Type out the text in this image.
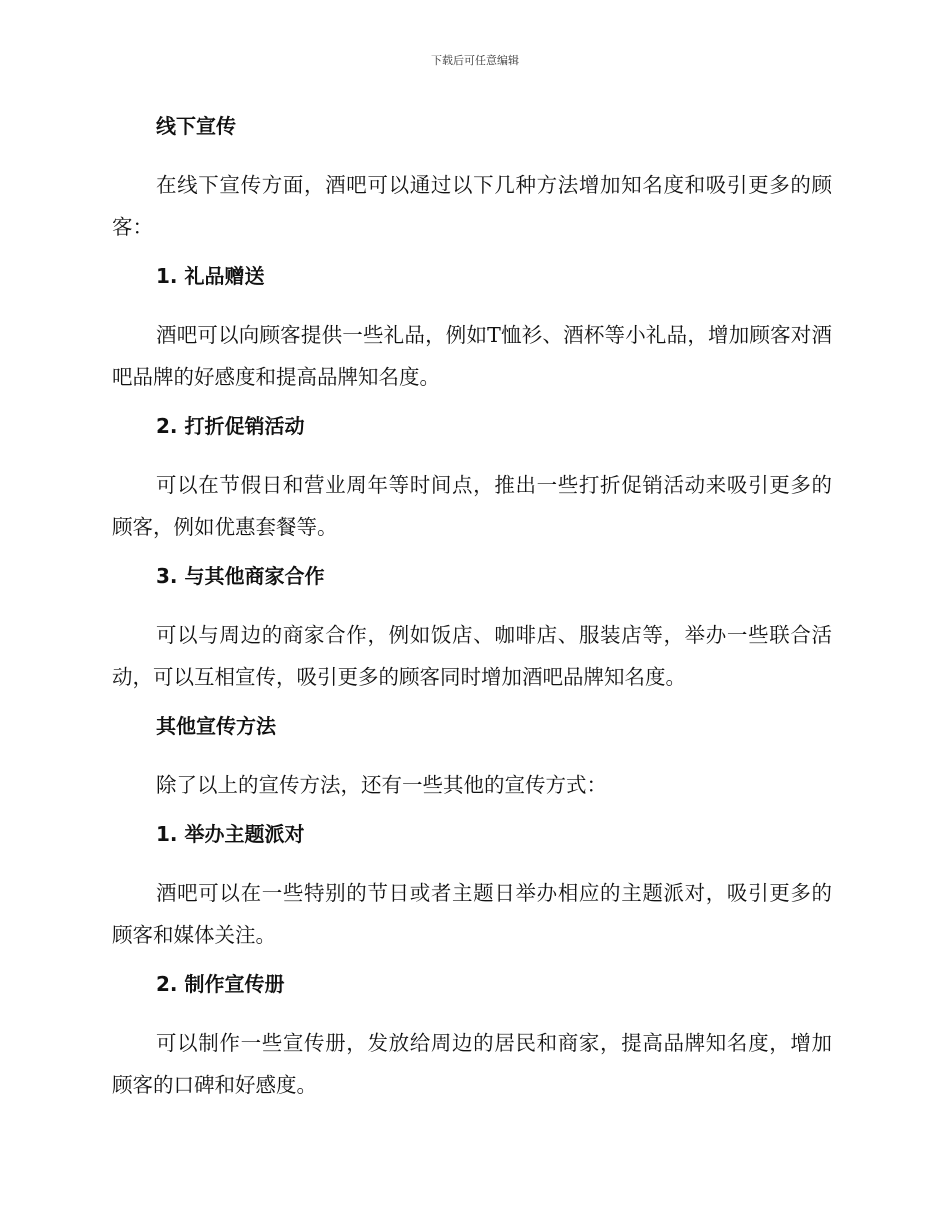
下载后可任意编辑
线下宣传
在线下宣传方面，酒吧可以通过以下几种方法增加知名度和吸引更多的顾客：
1. 礼品赠送
酒吧可以向顾客提供一些礼品，例如T恤衫、酒杯等小礼品，增加顾客对酒吧品牌的好感度和提高品牌知名度。
2. 打折促销活动
可以在节假日和营业周年等时间点，推出一些打折促销活动来吸引更多的顾客，例如优惠套餐等。
3. 与其他商家合作
可以与周边的商家合作，例如饭店、咖啡店、服装店等，举办一些联合活动，可以互相宣传，吸引更多的顾客同时增加酒吧品牌知名度。
其他宣传方法
除了以上的宣传方法，还有一些其他的宣传方式：
1. 举办主题派对
酒吧可以在一些特别的节日或者主题日举办相应的主题派对，吸引更多的顾客和媒体关注。
2. 制作宣传册
可以制作一些宣传册，发放给周边的居民和商家，提高品牌知名度，增加顾客的口碑和好感度。
